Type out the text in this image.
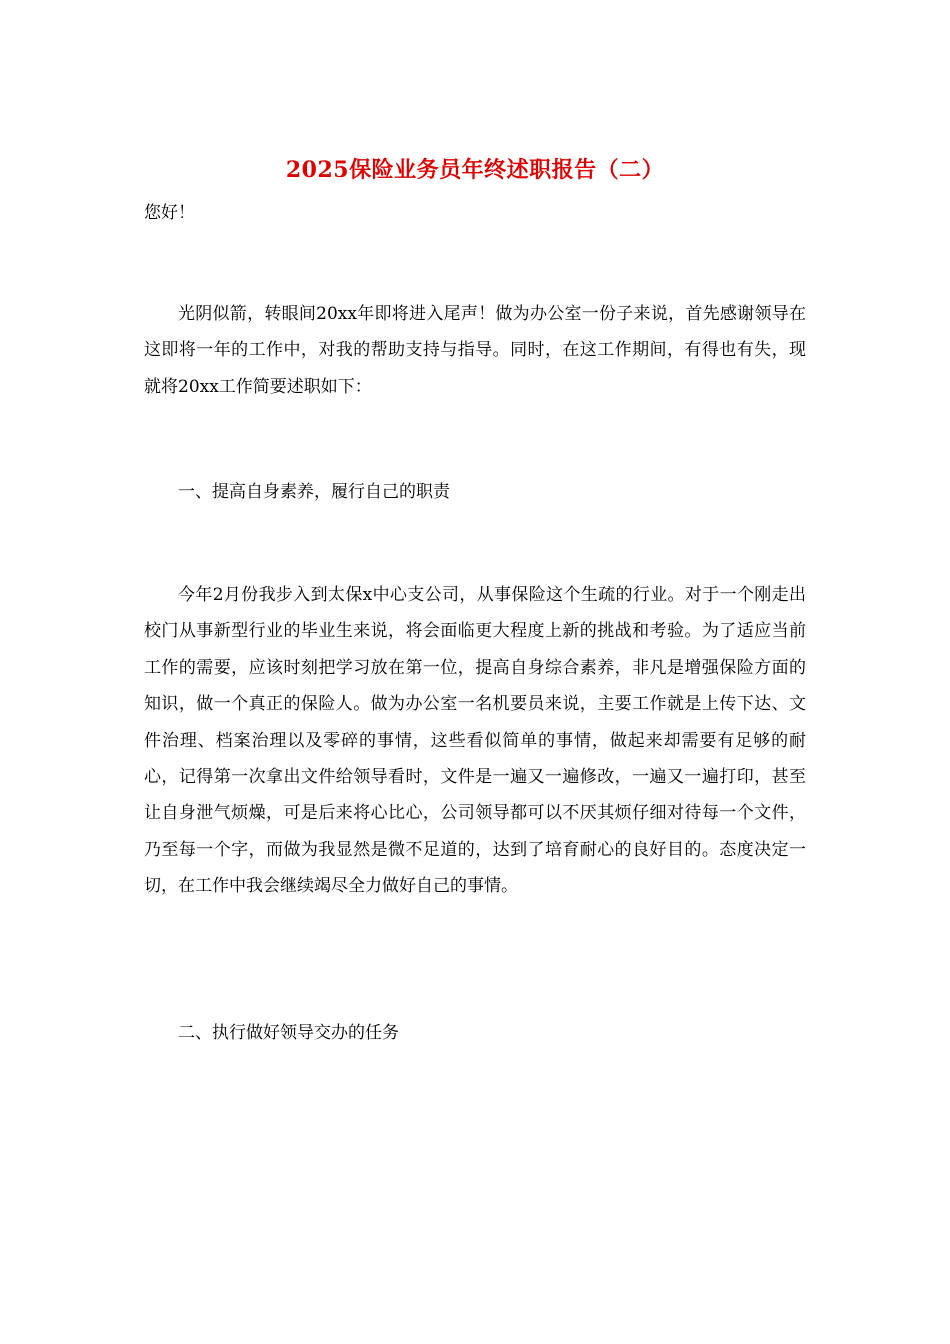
2025保险业务员年终述职报告（二）

您好！

光阴似箭，转眼间20xx年即将进入尾声！做为办公室一份子来说，首先感谢领导在这即将一年的工作中，对我的帮助支持与指导。同时，在这工作期间，有得也有失，现就将20xx工作简要述职如下：

一、提高自身素养，履行自己的职责

今年2月份我步入到太保x中心支公司，从事保险这个生疏的行业。对于一个刚走出校门从事新型行业的毕业生来说，将会面临更大程度上新的挑战和考验。为了适应当前工作的需要，应该时刻把学习放在第一位，提高自身综合素养，非凡是增强保险方面的知识，做一个真正的保险人。做为办公室一名机要员来说，主要工作就是上传下达、文件治理、档案治理以及零碎的事情，这些看似简单的事情，做起来却需要有足够的耐心，记得第一次拿出文件给领导看时，文件是一遍又一遍修改，一遍又一遍打印，甚至让自身泄气烦燥，可是后来将心比心，公司领导都可以不厌其烦仔细对待每一个文件，乃至每一个字，而做为我显然是微不足道的，达到了培育耐心的良好目的。态度决定一切，在工作中我会继续竭尽全力做好自己的事情。

二、执行做好领导交办的任务
